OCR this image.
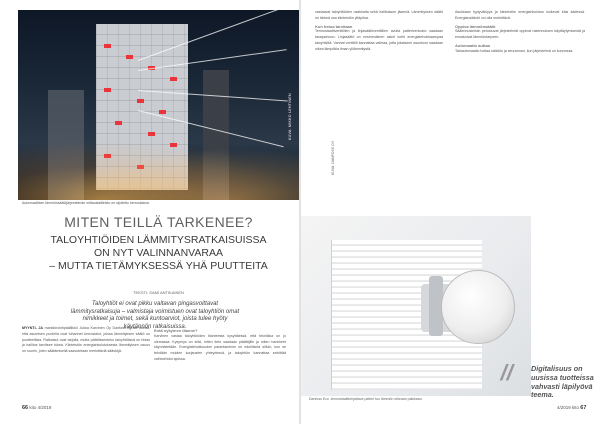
KUVA: MIKKO LEHTINEN
Automaattisen lämmönsäätöjärjestelmän mittauslaitteisto on sijoitettu kerrostaloon.
MITEN TEILLÄ TARKENEE?
TALOYHTIÖIDEN LÄMMITYSRATKAISUISSA
ON NYT VALINNANVARAA
– MUTTA TIETÄMYKSESSÄ YHÄ PUUTTEITA
TEKSTI: SAMI ANTIKAINEN
Taloyhtiöt ei ovat pikku valtavan pingasvoittavat lämmitysratkaisuja – valmistaja voimistuen ovat taloyhtiön omat nimikkeet ja toimet, sekä kuntoarviot, joista tulee hyöty käytännön ratkaisuissa.
MYYNTI- JA markkinointipäällikkö Jukka Karvinen Oy Danfoss Ab:sta toteaa, että asumisen puolella ovat tuhannet kerrostalot, joissa lämmityksen säätö on puutteellista. Ratkaisut ovat tarjolla, mutta päätöksenteko taloyhtiöissä on hidas ja hallitus tarvitsee tukea. Kiinteistön energiankulutuksesta lämmityksen osuus on suurin, joten säätämisellä saavutetaan merkittäviä säästöjä.
Entä nykyinen tilanne?
Karvinen vastaa taloyhtiöiden tilanteesta kysyttäessä, että tekniikka on jo olemassa. Kysymys on siitä, miten tieto saadaan päättäjille ja miten hankkeet käynnistetään. Energiatehokkuuden parantaminen on edullisinta silloin, kun se tehdään muiden korjausten yhteydessä, ja taloyhtiön kannattaa selvittää vaihtoehdot ajoissa.
66 kito 4/2019
vastaavat taloyhtiöiden osakkaita sekä hallituksen jäseniä. Lämmityksen säätö on tärkeä osa kiinteistön ylläpitoa.
Kun tietoa tarvitaan
Termostaattiventtiilien ja linjasäätöventtiilien avulla patteriverkosto saadaan tasapainoon. Linjasäätö on ensimmäinen askel kohti energiatehokkaampaa taloyhtiötä. Vanhat venttiilit kannattaa vaihtaa, jotta jokaiseen asuntoon saadaan oikea lämpötila ilman ylilämmitystä.
Asukkaan tyytyväisyys ja kiinteistön energiankulutus kulkevat käsi kädessä. Energiansäästö voi olla merkittävä.
Oppiva lämmönsäätö
Sääennusteisiin perustuvat järjestelmät oppivat rakennuksen käyttäytymisestä ja ennakoivat lämmöntarpeen.
Automaatio auttaa
Taloautomaatio hoitaa säädön ja seurannan, kun järjestelmä on kunnossa.
KUVA: DANFOSS OY
Danfoss Eco -termostaattiohjattava patteri tuo lämmön oikeaan paikkaan.
// Digitalisuus on uusissa tuotteissa vahvasti läpilyövä teema.
4/2019 kito 67
